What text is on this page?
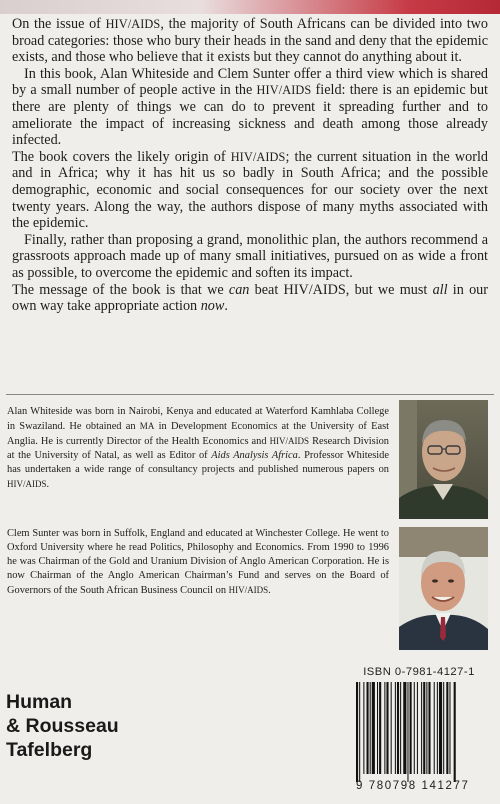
On the issue of HIV/AIDS, the majority of South Africans can be divided into two broad categories: those who bury their heads in the sand and deny that the epidemic exists, and those who believe that it exists but they cannot do anything about it.

In this book, Alan Whiteside and Clem Sunter offer a third view which is shared by a small number of people active in the HIV/AIDS field: there is an epidemic but there are plenty of things we can do to prevent it spreading further and to ameliorate the impact of increasing sickness and death among those already infected.

The book covers the likely origin of HIV/AIDS; the current situation in the world and in Africa; why it has hit us so badly in South Africa; and the possible demographic, economic and social consequences for our society over the next twenty years. Along the way, the authors dispose of many myths associated with the epidemic.

Finally, rather than proposing a grand, monolithic plan, the authors recommend a grassroots approach made up of many small initiatives, pursued on as wide a front as possible, to overcome the epidemic and soften its impact.

The message of the book is that we can beat HIV/AIDS, but we must all in our own way take appropriate action now.

Alan Whiteside was born in Nairobi, Kenya and educated at Waterford Kamhlaba College in Swaziland. He obtained an MA in Development Economics at the University of East Anglia. He is currently Director of the Health Economics and HIV/AIDS Research Division at the University of Natal, as well as Editor of Aids Analysis Africa. Professor Whiteside has undertaken a wide range of consultancy projects and published numerous papers on HIV/AIDS.
Clem Sunter was born in Suffolk, England and educated at Winchester College. He went to Oxford University where he read Politics, Philosophy and Economics. From 1990 to 1996 he was Chairman of the Gold and Uranium Division of Anglo American Corporation. He is now Chairman of the Anglo American Chairman’s Fund and serves on the Board of Governors of the South African Business Council on HIV/AIDS.
ISBN 0-7981-4127-1
9 780798 141277
Human
& Rousseau
Tafelberg
